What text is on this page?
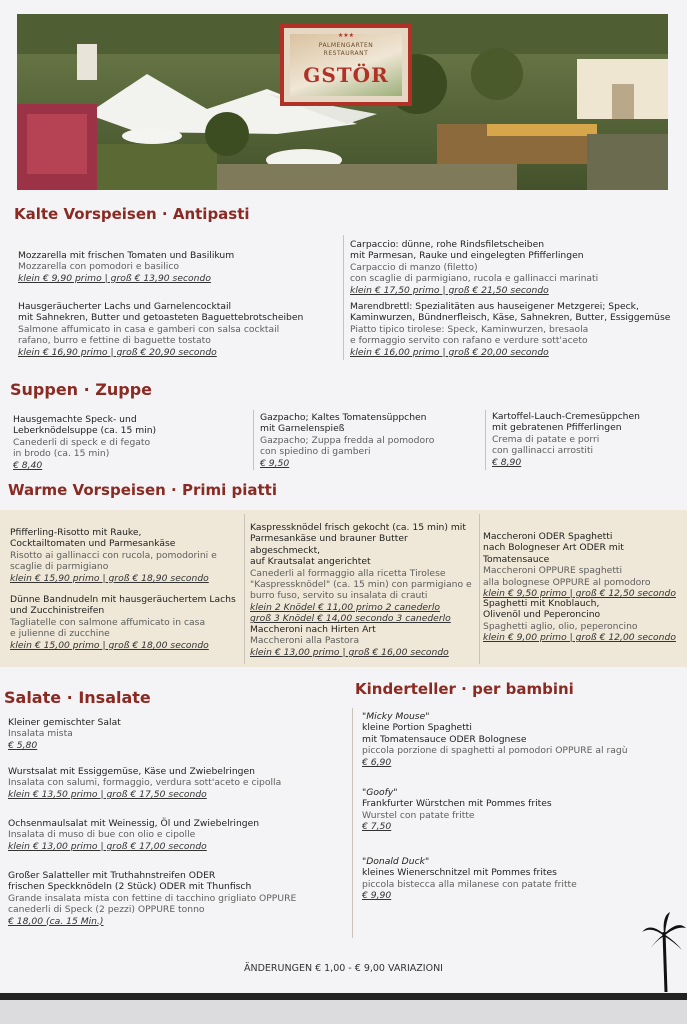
★★★
PALMENGARTEN
RESTAURANT
GSTÖR
Kalte Vorspeisen · Antipasti
Mozzarella mit frischen Tomaten und Basilikum
Mozzarella con pomodori e basilico
klein € 9,90 primo | groß € 13,90 secondo
Hausgeräucherter Lachs und Garnelencocktail
mit Sahnekren, Butter und getoasteten Baguettebrotscheiben
Salmone affumicato in casa e gamberi con salsa cocktail
rafano, burro e fettine di baguette tostato
klein € 16,90 primo | groß € 20,90 secondo
Carpaccio: dünne, rohe Rindsfiletscheiben
mit Parmesan, Rauke und eingelegten Pfifferlingen
Carpaccio di manzo (filetto)
con scaglie di parmigiano, rucola e gallinacci marinati
klein € 17,50 primo | groß € 21,50 secondo
Marendbrettl: Spezialitäten aus hauseigener Metzgerei; Speck,
Kaminwurzen, Bündnerfleisch, Käse, Sahnekren, Butter, Essiggemüse
Piatto tipico tirolese: Speck, Kaminwurzen, bresaola
e formaggio servito con rafano e verdure sott'aceto
klein € 16,00 primo | groß € 20,00 secondo
Suppen · Zuppe
Hausgemachte Speck- und
Leberknödelsuppe (ca. 15 min)
Canederli di speck e di fegato
in brodo (ca. 15 min)
€ 8,40
Gazpacho; Kaltes Tomatensüppchen
mit Garnelenspieß
Gazpacho; Zuppa fredda al pomodoro
con spiedino di gamberi
€ 9,50
Kartoffel-Lauch-Cremesüppchen
mit gebratenen Pfifferlingen
Crema di patate e porri
con gallinacci arrostiti
€ 8,90
Warme Vorspeisen · Primi piatti
Pfifferling-Risotto mit Rauke,
Cocktailtomaten und Parmesankäse
Risotto ai gallinacci con rucola, pomodorini e
scaglie di parmigiano
klein € 15,90 primo | groß € 18,90 secondo
Dünne Bandnudeln mit hausgeräuchertem Lachs
und Zucchinistreifen
Tagliatelle con salmone affumicato in casa
e julienne di zucchine
klein € 15,00 primo | groß € 18,00 secondo
Kaspressknödel frisch gekocht (ca. 15 min) mit
Parmesankäse und brauner Butter abgeschmeckt,
auf Krautsalat angerichtet
Canederli al formaggio alla ricetta Tirolese
"Kaspressknödel" (ca. 15 min) con parmigiano e
burro fuso, servito su insalata di crauti
klein 2 Knödel € 11,00 primo 2 canederlo
groß 3 Knödel € 14,00 secondo 3 canederlo
Maccheroni nach Hirten Art
Maccheroni alla Pastora
klein € 13,00 primo | groß € 16,00 secondo
Maccheroni ODER Spaghetti
nach Bologneser Art ODER mit Tomatensauce
Maccheroni OPPURE spaghetti
alla bolognese OPPURE al pomodoro
klein € 9,50 primo | groß € 12,50 secondo
Spaghetti mit Knoblauch,
Olivenöl und Peperoncino
Spaghetti aglio, olio, peperoncino
klein € 9,00 primo | groß € 12,00 secondo
Salate · Insalate
Kleiner gemischter Salat
Insalata mista
€ 5,80
Wurstsalat mit Essiggemüse, Käse und Zwiebelringen
Insalata con salumi, formaggio, verdura sott'aceto e cipolla
klein € 13,50 primo | groß € 17,50 secondo
Ochsenmaulsalat mit Weinessig, Öl und Zwiebelringen
Insalata di muso di bue con olio e cipolle
klein € 13,00 primo | groß € 17,00 secondo
Großer Salatteller mit Truthahnstreifen ODER
frischen Speckknödeln (2 Stück) ODER mit Thunfisch
Grande insalata mista con fettine di tacchino grigliato OPPURE
canederli di Speck (2 pezzi) OPPURE tonno
€ 18,00 (ca. 15 Min.)
Kinderteller · per bambini
"Micky Mouse"
kleine Portion Spaghetti
mit Tomatensauce ODER Bolognese
piccola porzione di spaghetti al pomodori OPPURE al ragù
€ 6,90
"Goofy"
Frankfurter Würstchen mit Pommes frites
Wurstel con patate fritte
€ 7,50
"Donald Duck"
kleines Wienerschnitzel mit Pommes frites
piccola bistecca alla milanese con patate fritte
€ 9,90
ÄNDERUNGEN € 1,00 - € 9,00 VARIAZIONI
